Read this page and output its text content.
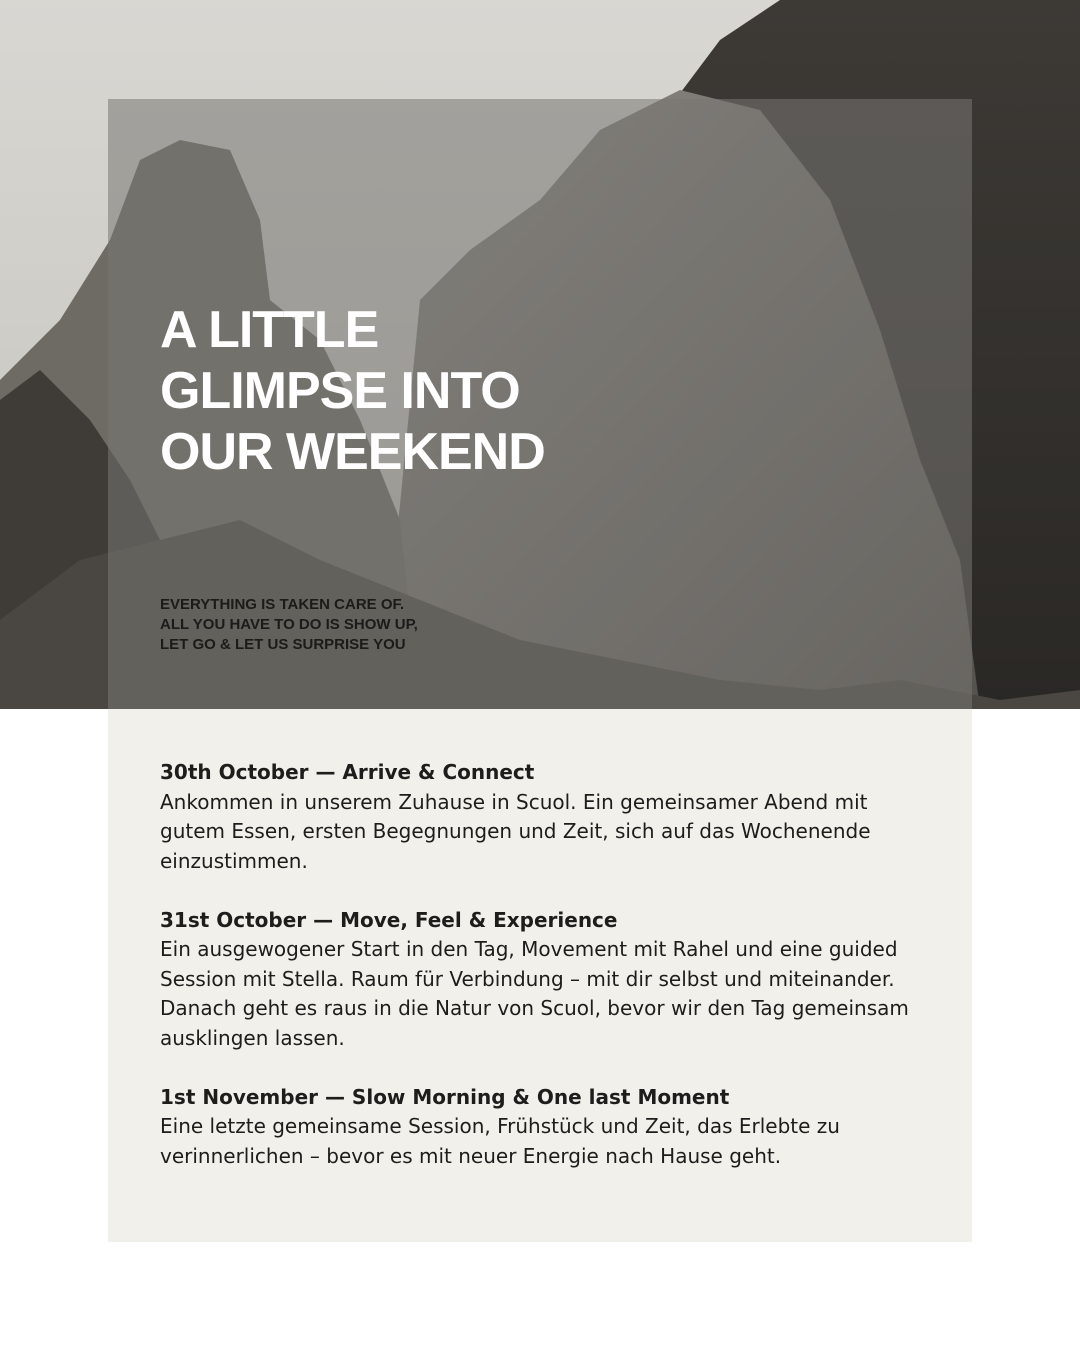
A LITTLE
GLIMPSE INTO
OUR WEEKEND
EVERYTHING IS TAKEN CARE OF.
ALL YOU HAVE TO DO IS SHOW UP,
LET GO & LET US SURPRISE YOU
30th October — Arrive & Connect
Ankommen in unserem Zuhause in Scuol. Ein gemeinsamer Abend mit gutem Essen, ersten Begegnungen und Zeit, sich auf das Wochenende einzustimmen.
31st October — Move, Feel & Experience
Ein ausgewogener Start in den Tag, Movement mit Rahel und eine guided Session mit Stella. Raum für Verbindung – mit dir selbst und miteinander.
Danach geht es raus in die Natur von Scuol, bevor wir den Tag gemeinsam ausklingen lassen.
1st November — Slow Morning & One last Moment
Eine letzte gemeinsame Session, Frühstück und Zeit, das Erlebte zu verinnerlichen – bevor es mit neuer Energie nach Hause geht.
